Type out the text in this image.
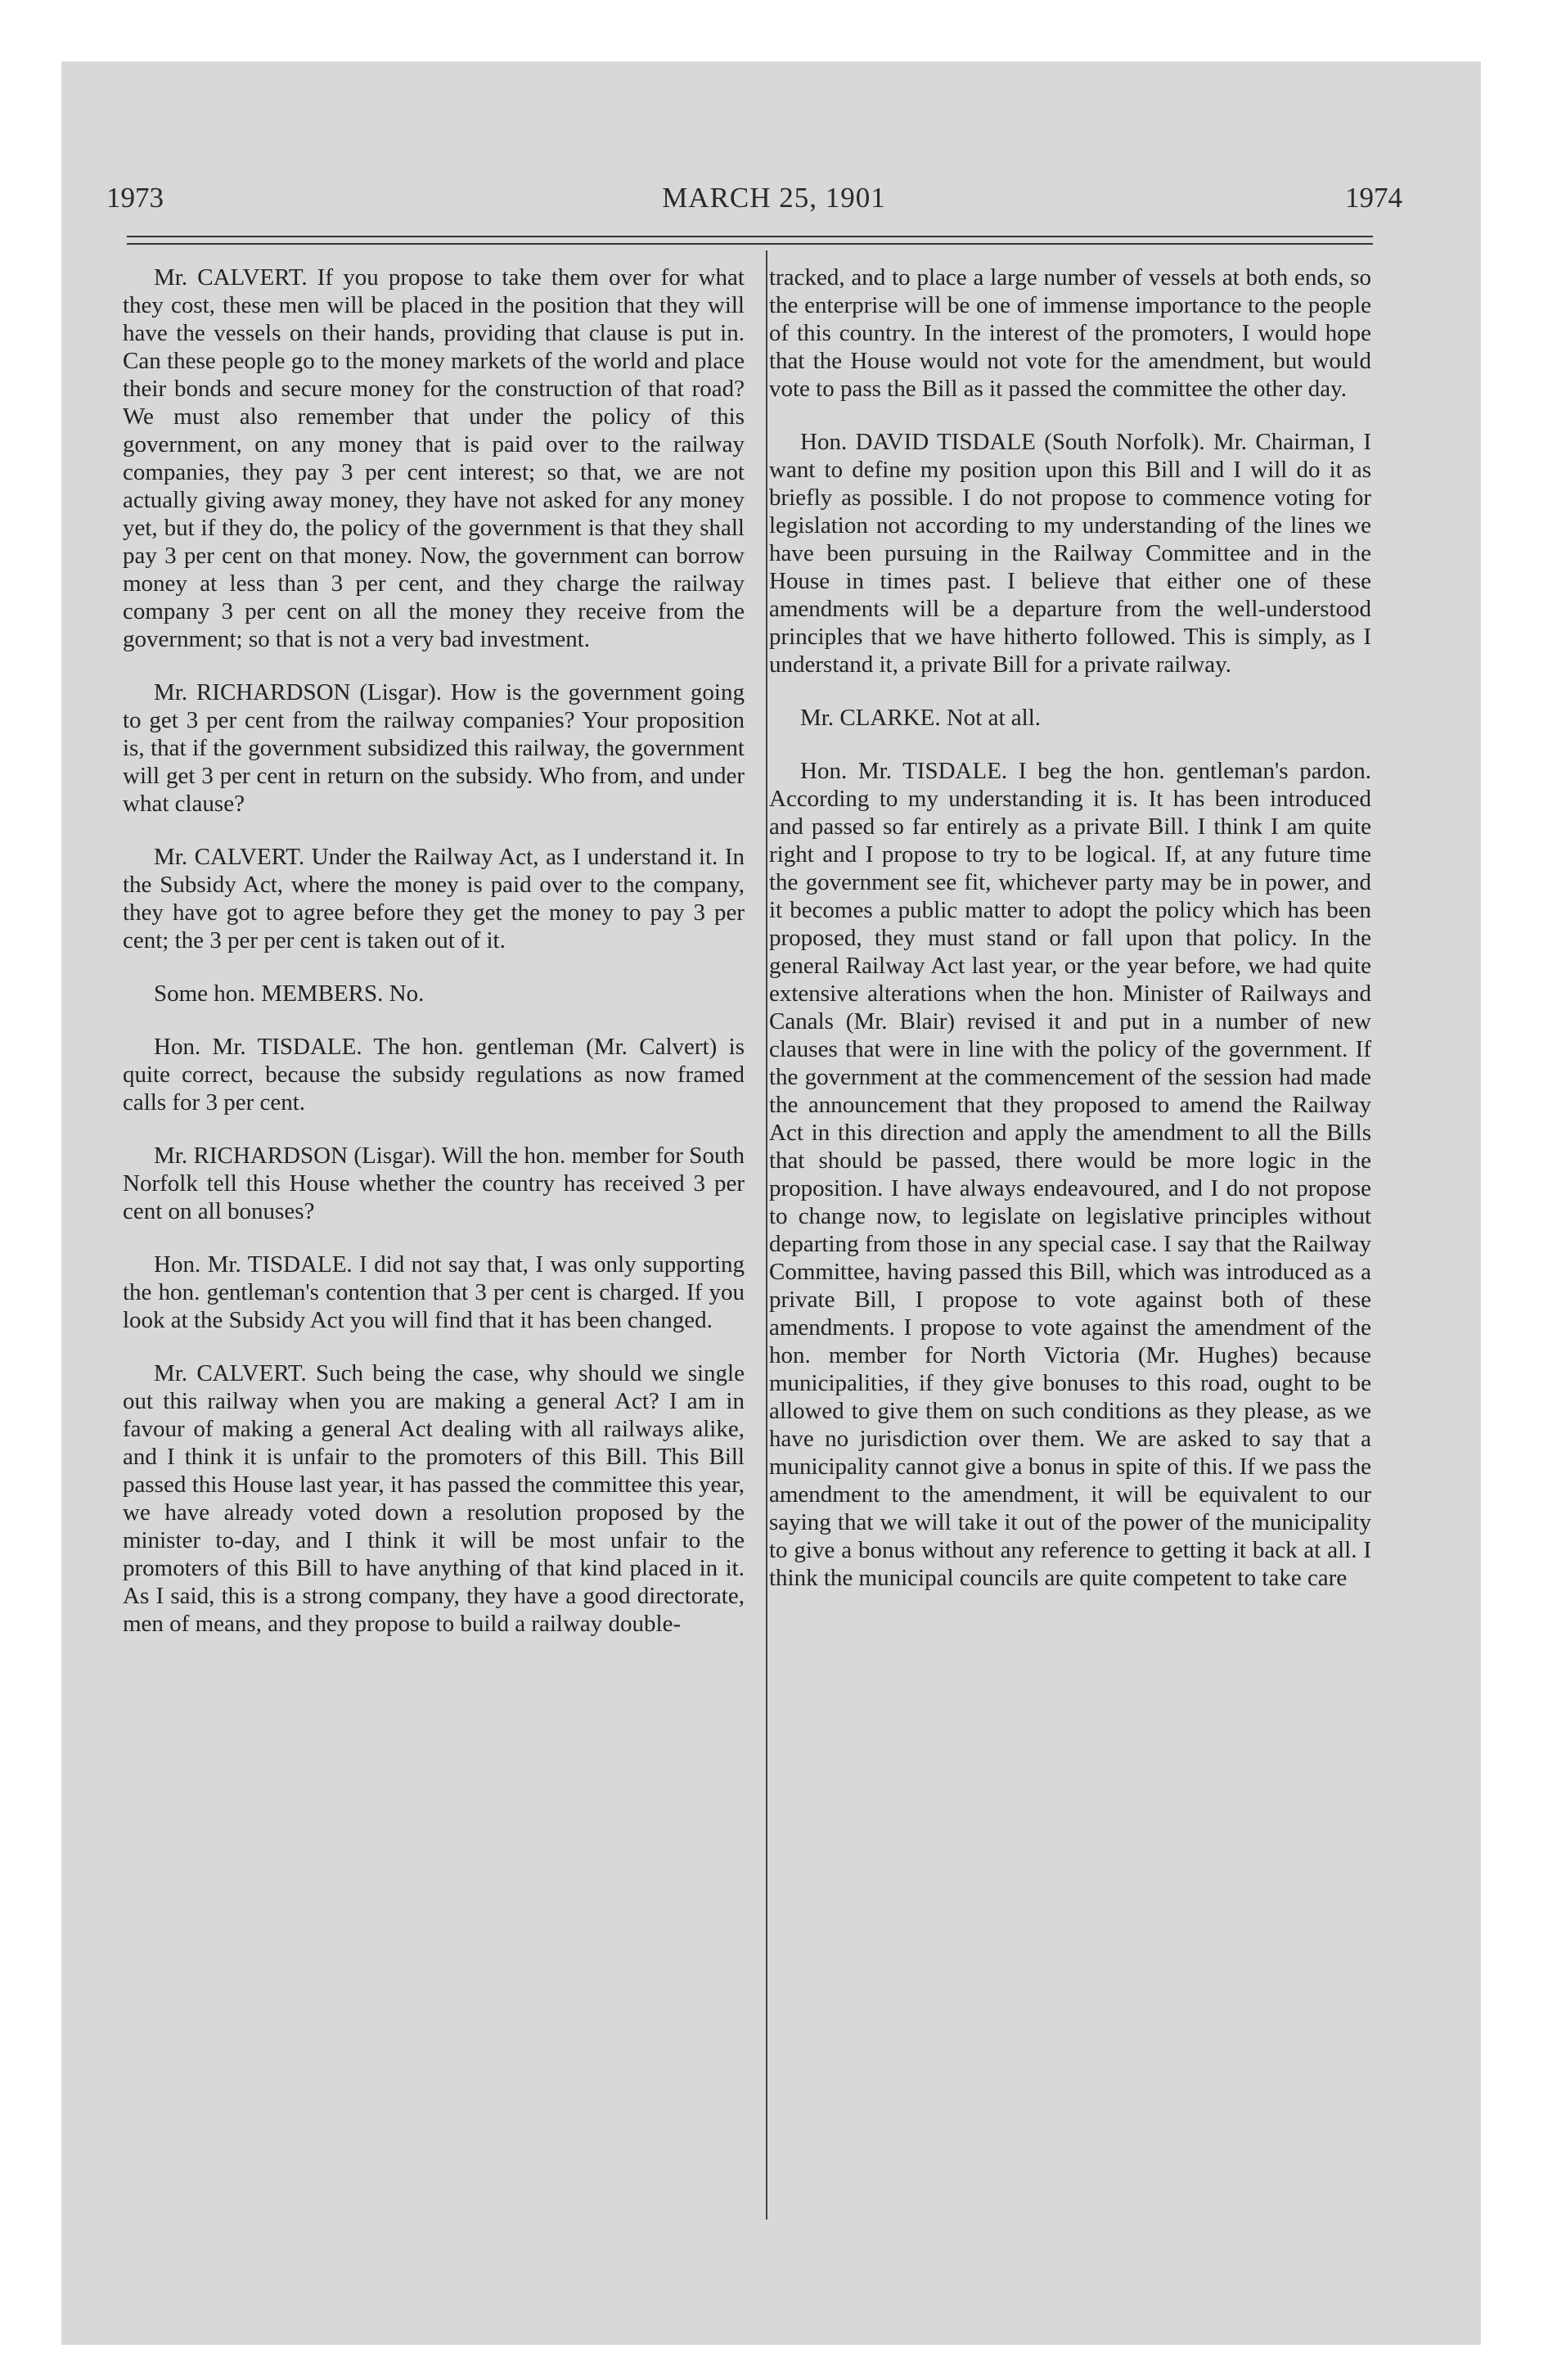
1973	MARCH 25, 1901	1974

Mr. CALVERT. If you propose to take them over for what they cost, these men will be placed in the position that they will have the vessels on their hands, providing that clause is put in. Can these people go to the money markets of the world and place their bonds and secure money for the construction of that road? We must also remember that under the policy of this government, on any money that is paid over to the railway companies, they pay 3 per cent interest; so that, we are not actually giving away money, they have not asked for any money yet, but if they do, the policy of the government is that they shall pay 3 per cent on that money. Now, the government can borrow money at less than 3 per cent, and they charge the railway company 3 per cent on all the money they receive from the government; so that is not a very bad investment.

Mr. RICHARDSON (Lisgar). How is the government going to get 3 per cent from the railway companies? Your proposition is, that if the government subsidized this railway, the government will get 3 per cent in return on the subsidy. Who from, and under what clause?

Mr. CALVERT. Under the Railway Act, as I understand it. In the Subsidy Act, where the money is paid over to the company, they have got to agree before they get the money to pay 3 per cent; the 3 per per cent is taken out of it.

Some hon. MEMBERS. No.

Hon. Mr. TISDALE. The hon. gentleman (Mr. Calvert) is quite correct, because the subsidy regulations as now framed calls for 3 per cent.

Mr. RICHARDSON (Lisgar). Will the hon. member for South Norfolk tell this House whether the country has received 3 per cent on all bonuses?

Hon. Mr. TISDALE. I did not say that, I was only supporting the hon. gentleman's contention that 3 per cent is charged. If you look at the Subsidy Act you will find that it has been changed.

Mr. CALVERT. Such being the case, why should we single out this railway when you are making a general Act? I am in favour of making a general Act dealing with all railways alike, and I think it is unfair to the promoters of this Bill. This Bill passed this House last year, it has passed the committee this year, we have already voted down a resolution proposed by the minister to-day, and I think it will be most unfair to the promoters of this Bill to have anything of that kind placed in it. As I said, this is a strong company, they have a good directorate, men of means, and they propose to build a railway double-

tracked, and to place a large number of vessels at both ends, so the enterprise will be one of immense importance to the people of this country. In the interest of the promoters, I would hope that the House would not vote for the amendment, but would vote to pass the Bill as it passed the committee the other day.

Hon. DAVID TISDALE (South Norfolk). Mr. Chairman, I want to define my position upon this Bill and I will do it as briefly as possible. I do not propose to commence voting for legislation not according to my understanding of the lines we have been pursuing in the Railway Committee and in the House in times past. I believe that either one of these amendments will be a departure from the well-understood principles that we have hitherto followed. This is simply, as I understand it, a private Bill for a private railway.

Mr. CLARKE. Not at all.

Hon. Mr. TISDALE. I beg the hon. gentleman's pardon. According to my understanding it is. It has been introduced and passed so far entirely as a private Bill. I think I am quite right and I propose to try to be logical. If, at any future time the government see fit, whichever party may be in power, and it becomes a public matter to adopt the policy which has been proposed, they must stand or fall upon that policy. In the general Railway Act last year, or the year before, we had quite extensive alterations when the hon. Minister of Railways and Canals (Mr. Blair) revised it and put in a number of new clauses that were in line with the policy of the government. If the government at the commencement of the session had made the announcement that they proposed to amend the Railway Act in this direction and apply the amendment to all the Bills that should be passed, there would be more logic in the proposition. I have always endeavoured, and I do not propose to change now, to legislate on legislative principles without departing from those in any special case. I say that the Railway Committee, having passed this Bill, which was introduced as a private Bill, I propose to vote against both of these amendments. I propose to vote against the amendment of the hon. member for North Victoria (Mr. Hughes) because municipalities, if they give bonuses to this road, ought to be allowed to give them on such conditions as they please, as we have no jurisdiction over them. We are asked to say that a municipality cannot give a bonus in spite of this. If we pass the amendment to the amendment, it will be equivalent to our saying that we will take it out of the power of the municipality to give a bonus without any reference to getting it back at all. I think the municipal councils are quite competent to take care
